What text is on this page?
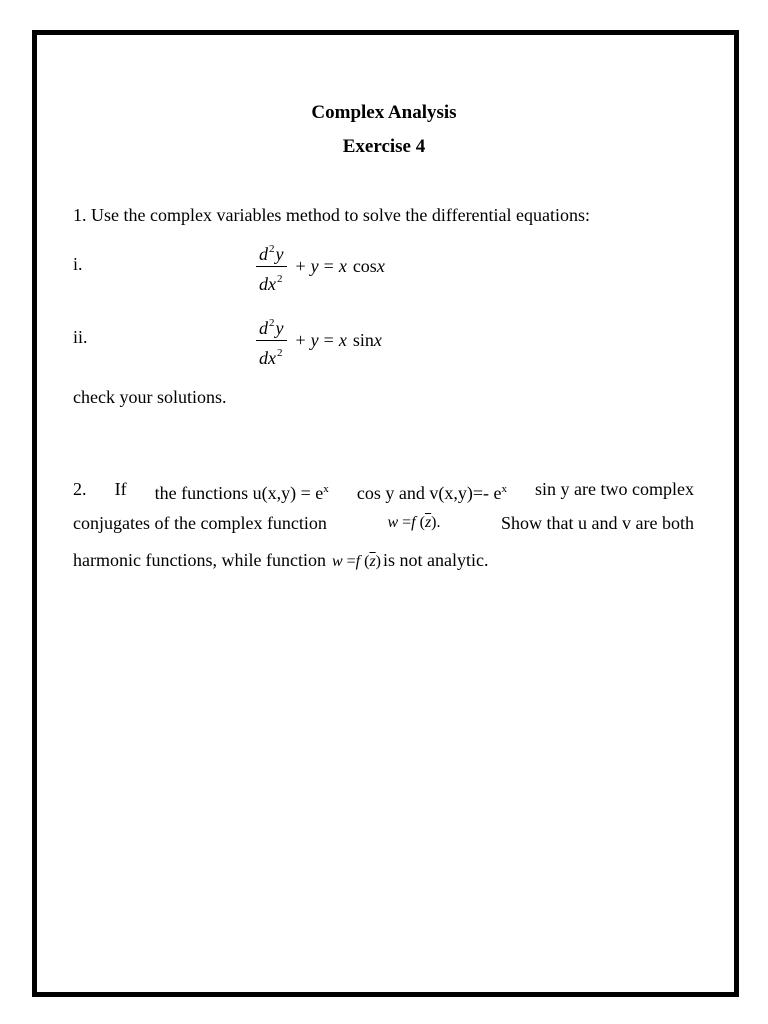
Complex Analysis
Exercise 4
1. Use the complex variables method to solve the differential equations:
i.	$\frac{d^2y}{dx^2} + y = x$ cos x
ii.	$\frac{d^2y}{dx^2} + y = x$ sin x
check your solutions.
2. If the functions $u(x,y) = e^x$ cos y and v(x,y)=- $e^x$ sin y are two complex
conjugates of the complex function	w =f $(\overline{z})$.	Show that u and v are both
harmonic functions, while function w =f $(\overline{z})$ is not analytic.
